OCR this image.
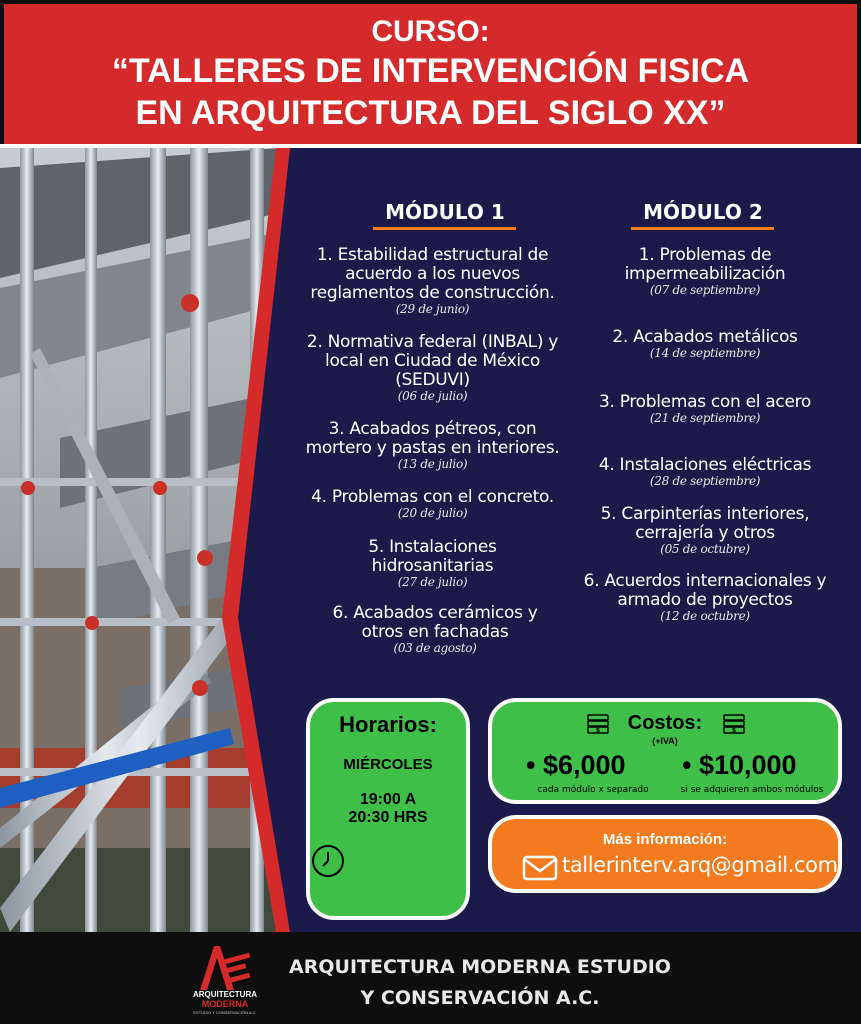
CURSO:
“TALLERES DE INTERVENCIÓN FISICA
EN ARQUITECTURA DEL SIGLO XX”
MÓDULO 1	MÓDULO 2
1. Estabilidad estructural de acuerdo a los nuevos reglamentos de construcción.
(29 de junio)
2. Normativa federal (INBAL) y local en Ciudad de México (SEDUVI)
(06 de julio)
3. Acabados pétreos, con mortero y pastas en interiores.
(13 de julio)
4. Problemas con el concreto.
(20 de julio)
5. Instalaciones hidrosanitarias
(27 de julio)
6. Acabados cerámicos y otros en fachadas
(03 de agosto)
1. Problemas de impermeabilización
(07 de septiembre)
2. Acabados metálicos
(14 de septiembre)
3. Problemas con el acero
(21 de septiembre)
4. Instalaciones eléctricas
(28 de septiembre)
5. Carpinterías interiores, cerrajería y otros
(05 de octubre)
6. Acuerdos internacionales y armado de proyectos
(12 de octubre)
Horarios:
MIÉRCOLES
19:00 A
20:30 HRS
$	Costos:	$
(+IVA)
• $6,000
cada módulo x separado
• $10,000
si se adquieren ambos módulos
Más información:
tallerinterv.arq@gmail.com
ARQUITECTURA
MODERNA
ESTUDIO Y CONSERVACIÓN A.C.
ARQUITECTURA MODERNA ESTUDIO
Y CONSERVACIÓN A.C.
